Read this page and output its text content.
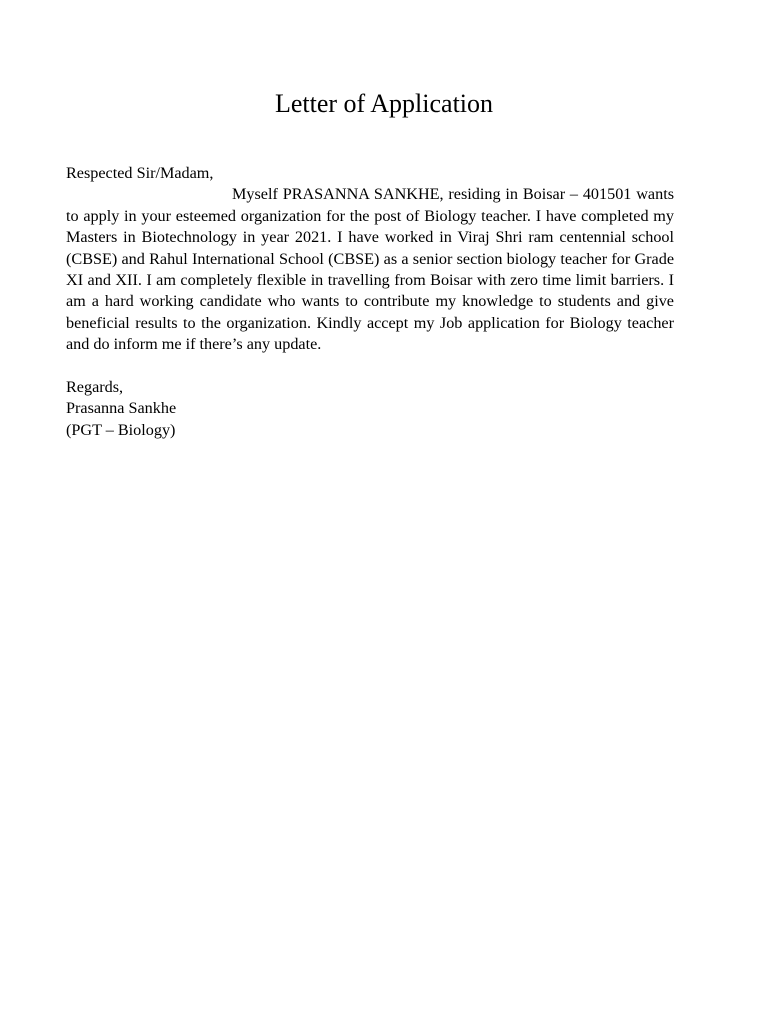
Letter of Application

Respected Sir/Madam,

Myself PRASANNA SANKHE, residing in Boisar – 401501 wants to apply in your esteemed organization for the post of Biology teacher. I have completed my Masters in Biotechnology in year 2021. I have worked in Viraj Shri ram centennial school (CBSE) and Rahul International School (CBSE) as a senior section biology teacher for Grade XI and XII. I am completely flexible in travelling from Boisar with zero time limit barriers. I am a hard working candidate who wants to contribute my knowledge to students and give beneficial results to the organization. Kindly accept my Job application for Biology teacher and do inform me if there’s any update.

Regards,

Prasanna Sankhe

(PGT – Biology)
